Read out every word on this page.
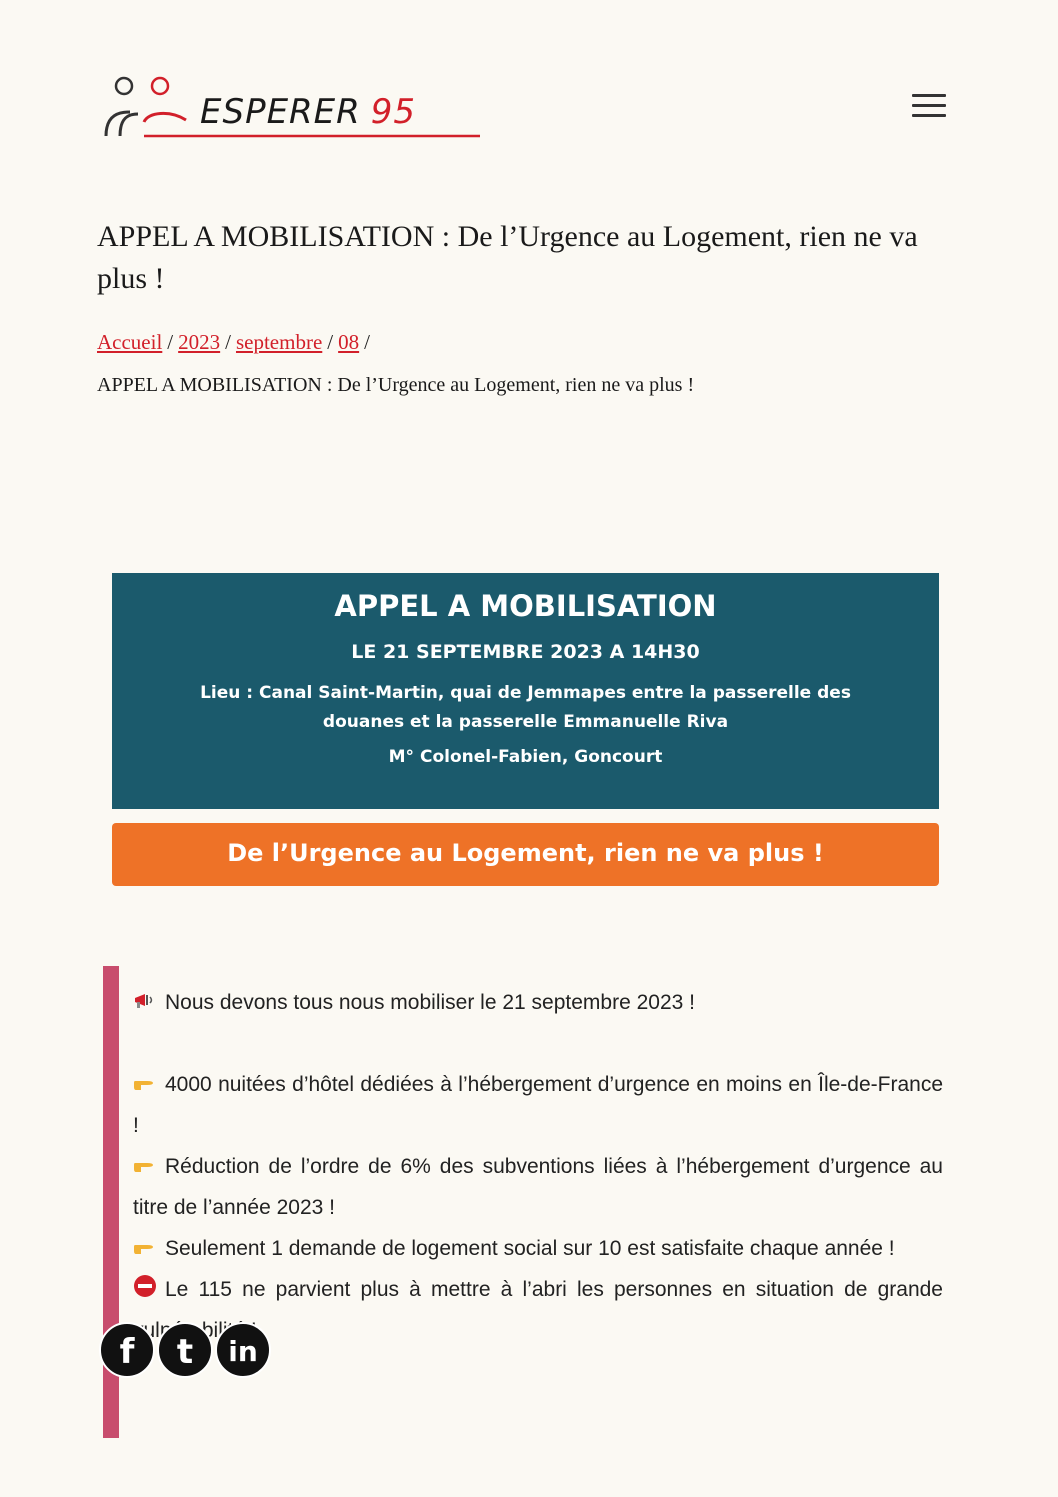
ESPERER 95
APPEL A MOBILISATION : De l’Urgence au Logement, rien ne va plus !
Accueil / 2023 / septembre / 08 /
APPEL A MOBILISATION : De l’Urgence au Logement, rien ne va plus !
APPEL A MOBILISATION
LE 21 SEPTEMBRE 2023 A 14H30
Lieu : Canal Saint-Martin, quai de Jemmapes entre la passerelle des douanes et la passerelle Emmanuelle Riva
M° Colonel-Fabien, Goncourt
De l’Urgence au Logement, rien ne va plus !

Nous devons tous nous mobiliser le 21 septembre 2023 !

4000 nuitées d’hôtel dédiées à l’hébergement d’urgence en moins en Île-de-France !

Réduction de l’ordre de 6% des subventions liées à l’hébergement d’urgence au titre de l’année 2023 !

Seulement 1 demande de logement social sur 10 est satisfaite chaque année !

Le 115 ne parvient plus à mettre à l’abri les personnes en situation de grande

f	t	in
